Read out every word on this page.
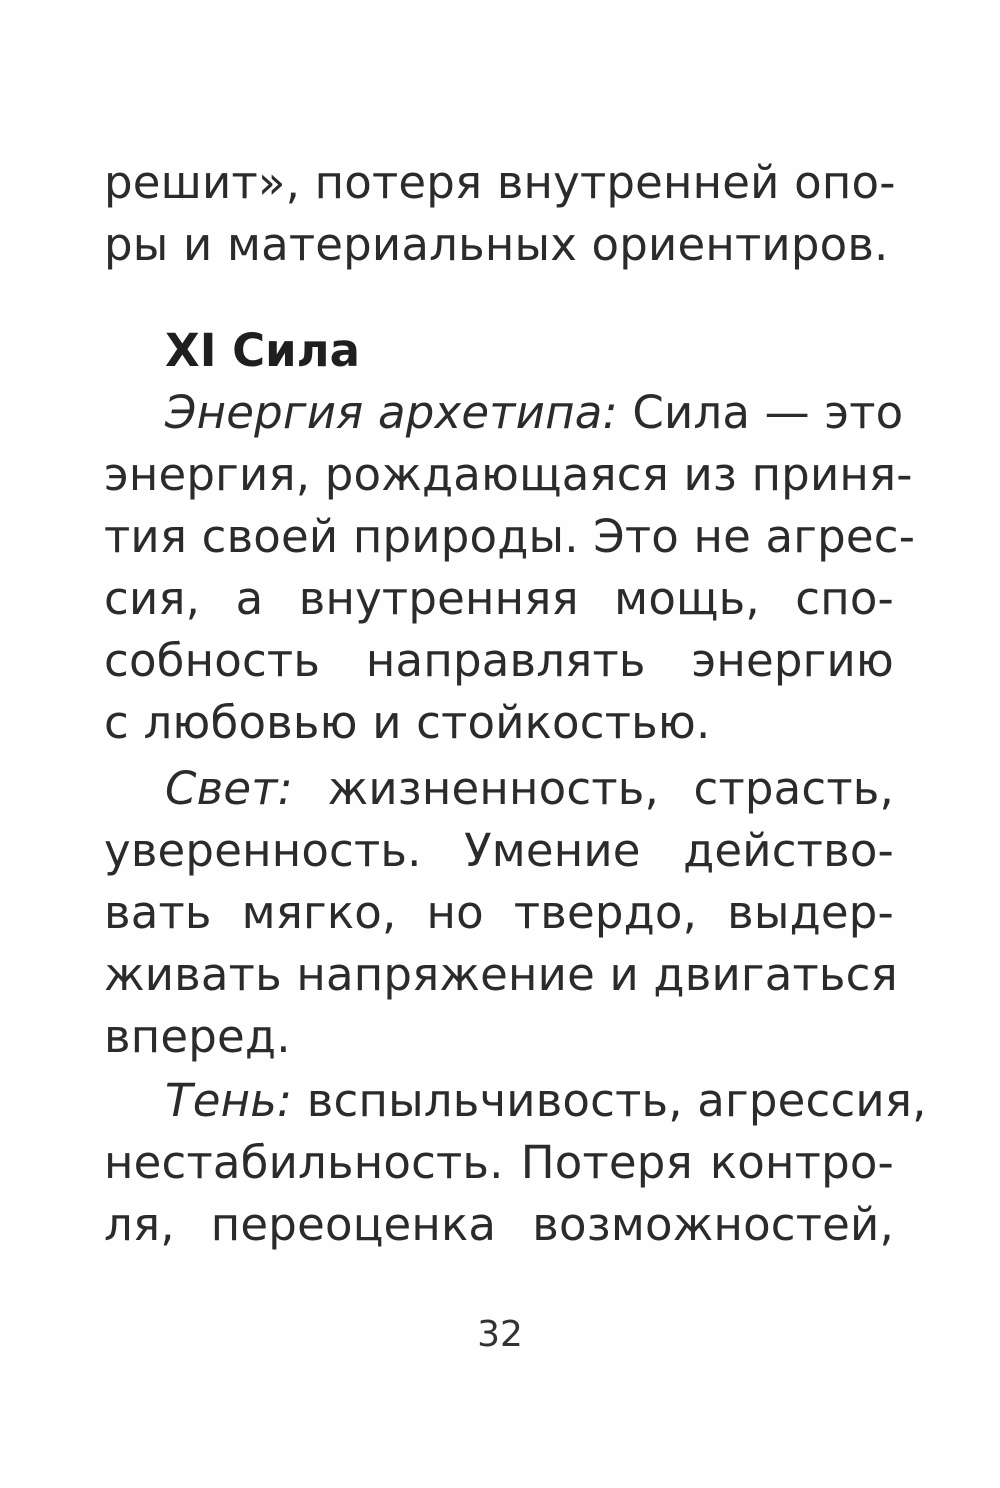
решит», потеря внутренней опо-
ры и материальных ориентиров.
XI Сила
Энергия архетипа: Сила — это
энергия, рождающаяся из приня-
тия своей природы. Это не агрес-
сия, а внутренняя мощь, спо-
собность направлять энергию
с любовью и стойкостью.
Свет: жизненность, страсть,
уверенность. Умение действо-
вать мягко, но твердо, выдер-
живать напряжение и двигаться
вперед.
Тень: вспыльчивость, агрессия,
нестабильность. Потеря контро-
ля, переоценка возможностей,
32
